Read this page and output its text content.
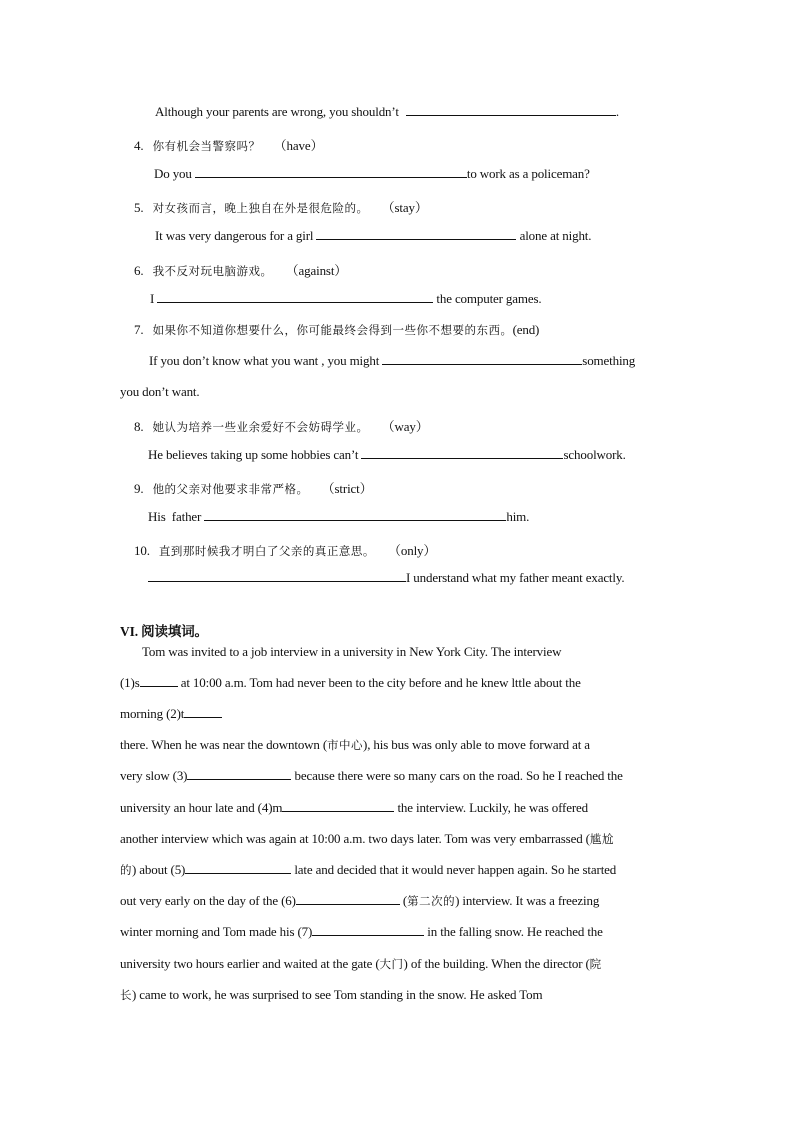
Although your parents are wrong, you shouldn’t	.
4. 你有机会当警察吗？ （have）
Do you	to work as a policeman?
5. 对女孩而言，晚上独自在外是很危险的。 （stay）
It was very dangerous for a girl	alone at night.
6. 我不反对玩电脑游戏。 （against）
I	the computer games.
7. 如果你不知道你想要什么，你可能最终会得到一些你不想要的东西。(end)
If you don’t know what you want , you might	something
you don’t want.
8. 她认为培养一些业余爱好不会妨碍学业。 （way）
He believes taking up some hobbies can’t	schoolwork.
9. 他的父亲对他要求非常严格。 （strict）
His  father	him.
10. 直到那时候我才明白了父亲的真正意思。 （only）
I understand what my father meant exactly.
VI. 阅读填词。
Tom was invited to a job interview in a university in New York City. The interview
(1)s	at 10:00 a.m. Tom had never been to the city before and he knew lttle about the
morning (2)t
there. When he was near the downtown (市中心), his bus was only able to move forward at a
very slow (3)	because there were so many cars on the road. So he I reached the
university an hour late and (4)m	the interview. Luckily, he was offered
another interview which was again at 10:00 a.m. two days later. Tom was very embarrassed (尴尬
的) about (5)	late and decided that it would never happen again. So he started
out very early on the day of the (6)	(第二次的) interview. It was a freezing
winter morning and Tom made his (7)	in the falling snow. He reached the
university two hours earlier and waited at the gate (大门) of the building. When the director (院
长) came to work, he was surprised to see Tom standing in the snow. He asked Tom
